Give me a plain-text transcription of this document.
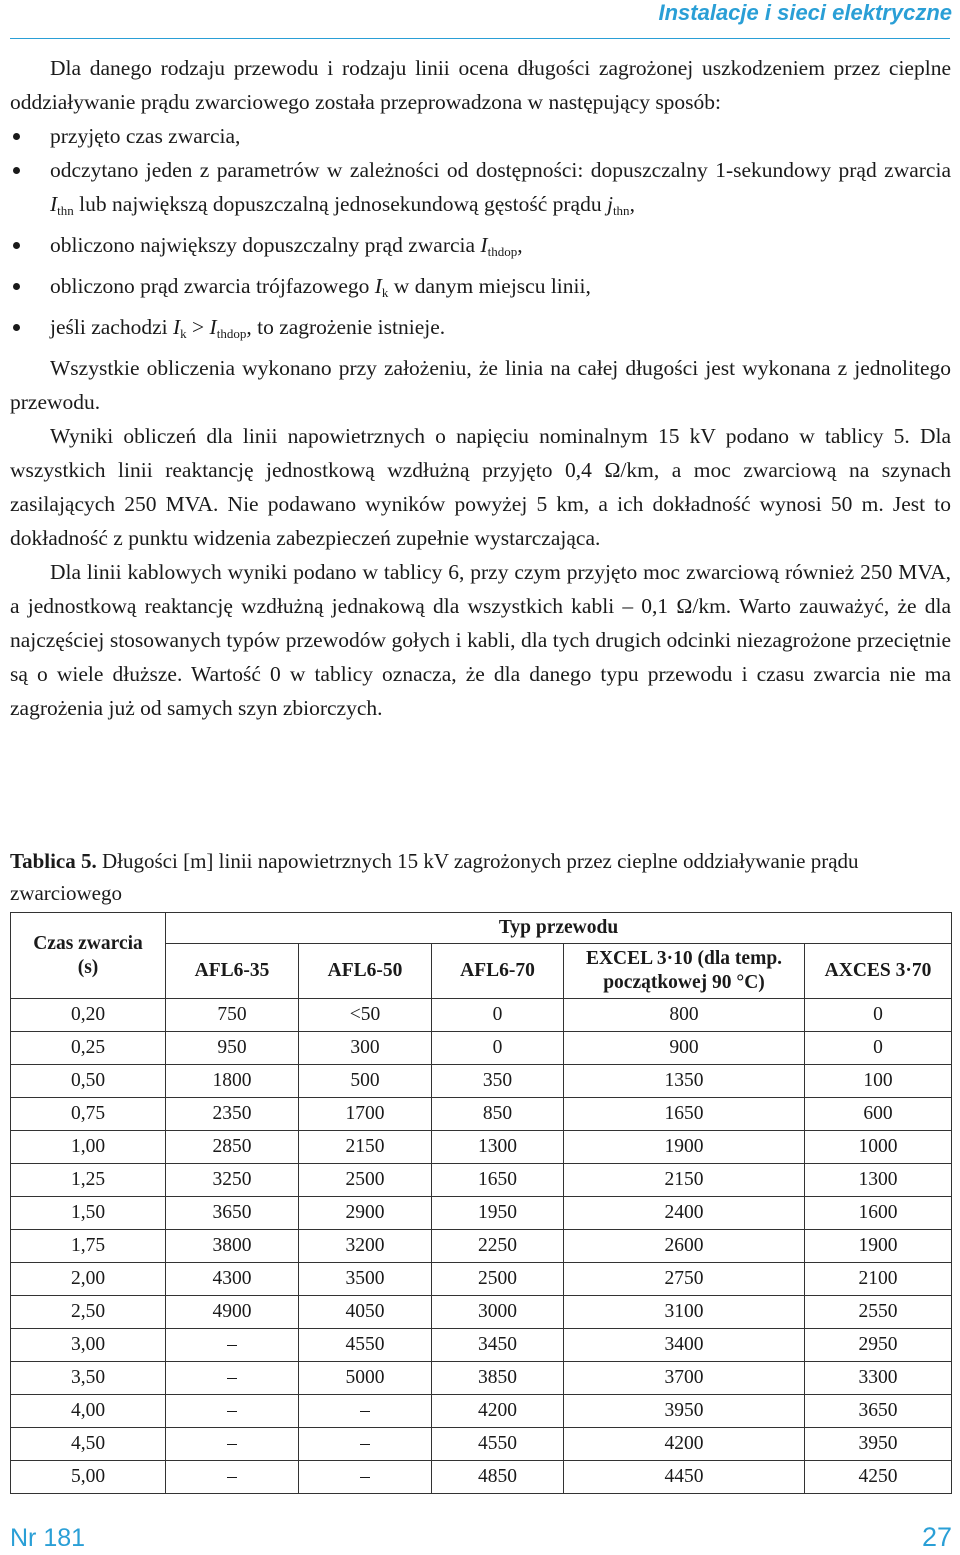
Instalacje i sieci elektryczne

Dla danego rodzaju przewodu i rodzaju linii ocena długości zagrożonej uszkodzeniem przez cieplne oddziaływanie prądu zwarciowego została przeprowadzona w następujący sposób:

przyjęto czas zwarcia,
odczytano jeden z parametrów w zależności od dostępności: dopuszczalny 1-sekundowy prąd zwarcia $I_{thn}$ lub największą dopuszczalną jednosekundową gęstość prądu $j_{thn}$,
obliczono największy dopuszczalny prąd zwarcia $I_{thdop}$,
obliczono prąd zwarcia trójfazowego $I_k$ w danym miejscu linii,
jeśli zachodzi $I_k > I_{thdop}$, to zagrożenie istnieje.

Wszystkie obliczenia wykonano przy założeniu, że linia na całej długości jest wykonana z jednolitego przewodu.

Wyniki obliczeń dla linii napowietrznych o napięciu nominalnym 15 kV podano w tablicy 5. Dla wszystkich linii reaktancję jednostkową wzdłużną przyjęto 0,4 Ω/km, a moc zwarciową na szynach zasilających 250 MVA. Nie podawano wyników powyżej 5 km, a ich dokładność wynosi 50 m. Jest to dokładność z punktu widzenia zabezpieczeń zupełnie wystarczająca.

Dla linii kablowych wyniki podano w tablicy 6, przy czym przyjęto moc zwarciową również 250 MVA, a jednostkową reaktancję wzdłużną jednakową dla wszystkich kabli – 0,1 Ω/km. Warto zauważyć, że dla najczęściej stosowanych typów przewodów gołych i kabli, dla tych drugich odcinki niezagrożone przeciętnie są o wiele dłuższe. Wartość 0 w tablicy oznacza, że dla danego typu przewodu i czasu zwarcia nie ma zagrożenia już od samych szyn zbiorczych.

Tablica 5. Długości [m] linii napowietrznych 15 kV zagrożonych przez cieplne oddziaływanie prądu zwarciowego
Czas zwarcia
(s)	Typ przewodu				
	AFL6-35	AFL6-50	AFL6-70	EXCEL 3·10 (dla temp. początkowej 90 °C)	AXCES 3·70
0,20	750	<50	0	800	0
0,25	950	300	0	900	0
0,50	1800	500	350	1350	100
0,75	2350	1700	850	1650	600
1,00	2850	2150	1300	1900	1000
1,25	3250	2500	1650	2150	1300
1,50	3650	2900	1950	2400	1600
1,75	3800	3200	2250	2600	1900
2,00	4300	3500	2500	2750	2100
2,50	4900	4050	3000	3100	2550
3,00	–	4550	3450	3400	2950
3,50	–	5000	3850	3700	3300
4,00	–	–	4200	3950	3650
4,50	–	–	4550	4200	3950
5,00	–	–	4850	4450	4250
Nr 181	27
